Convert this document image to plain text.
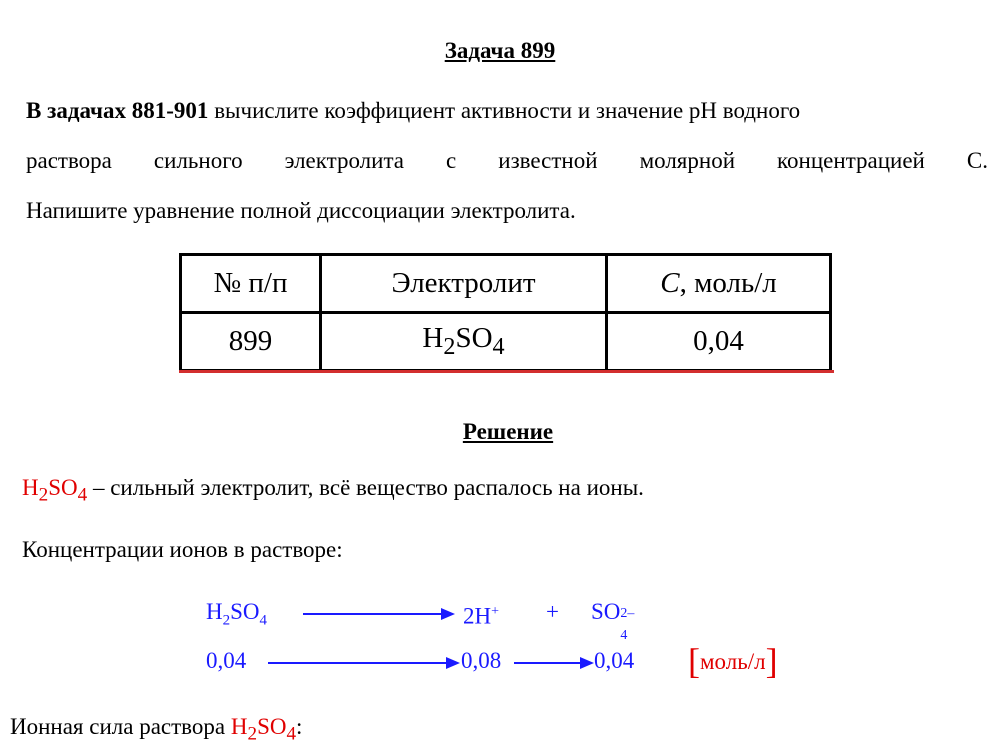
Задача 899
В задачах 881-901 вычислите коэффициент активности и значение pH водного
раствора сильного электролита с известной молярной концентрацией С.
Напишите уравнение полной диссоциации электролита.
№ п/п	Электролит	C, моль/л
899	$H_2SO_4$	0,04
Решение
$H_2SO_4$ – сильный электролит, всё вещество распалось на ионы.
Концентрации ионов в растворе:
$H_2SO_4$	2H+ + SO
4
2–
0,04	0,08	0,04 [моль/л]
Ионная сила раствора $H_2SO_4$:
